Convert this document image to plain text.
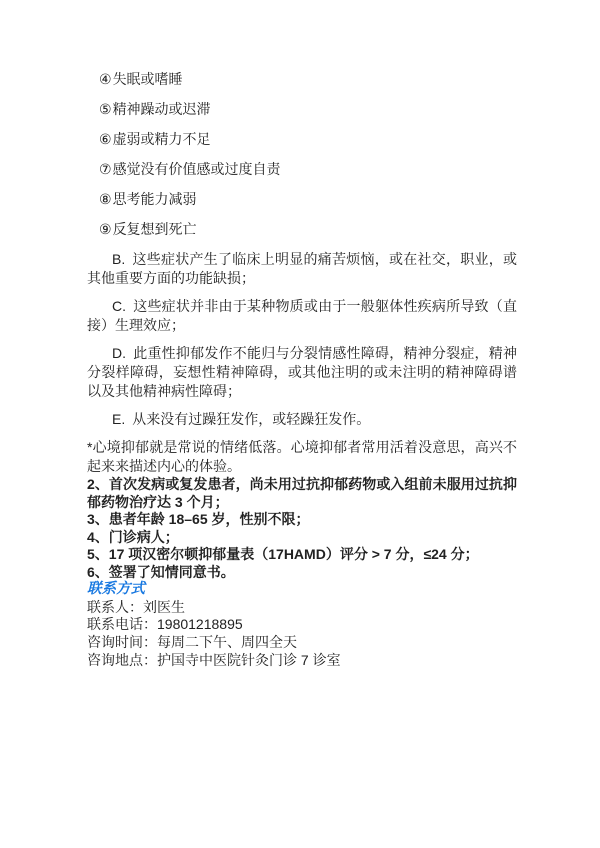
④失眠或嗜睡

⑤精神躁动或迟滞

⑥虚弱或精力不足

⑦感觉没有价值感或过度自责

⑧思考能力减弱

⑨反复想到死亡

B. 这些症状产生了临床上明显的痛苦烦恼，或在社交，职业，或其他重要方面的功能缺损；

C. 这些症状并非由于某种物质或由于一般躯体性疾病所导致（直接）生理效应；

D. 此重性抑郁发作不能归与分裂情感性障碍，精神分裂症，精神分裂样障碍，妄想性精神障碍，或其他注明的或未注明的精神障碍谱以及其他精神病性障碍；

E. 从来没有过躁狂发作，或轻躁狂发作。

*心境抑郁就是常说的情绪低落。心境抑郁者常用活着没意思，高兴不起来来描述内心的体验。

2、首次发病或复发患者，尚未用过抗抑郁药物或入组前未服用过抗抑郁药物治疗达 3 个月；

3、患者年龄 18–65 岁，性别不限；

4、门诊病人；

5、17 项汉密尔顿抑郁量表（17HAMD）评分 > 7 分，≤24 分；

6、签署了知情同意书。

联系方式

联系人：刘医生

联系电话：19801218895

咨询时间：每周二下午、周四全天

咨询地点：护国寺中医院针灸门诊 7 诊室
